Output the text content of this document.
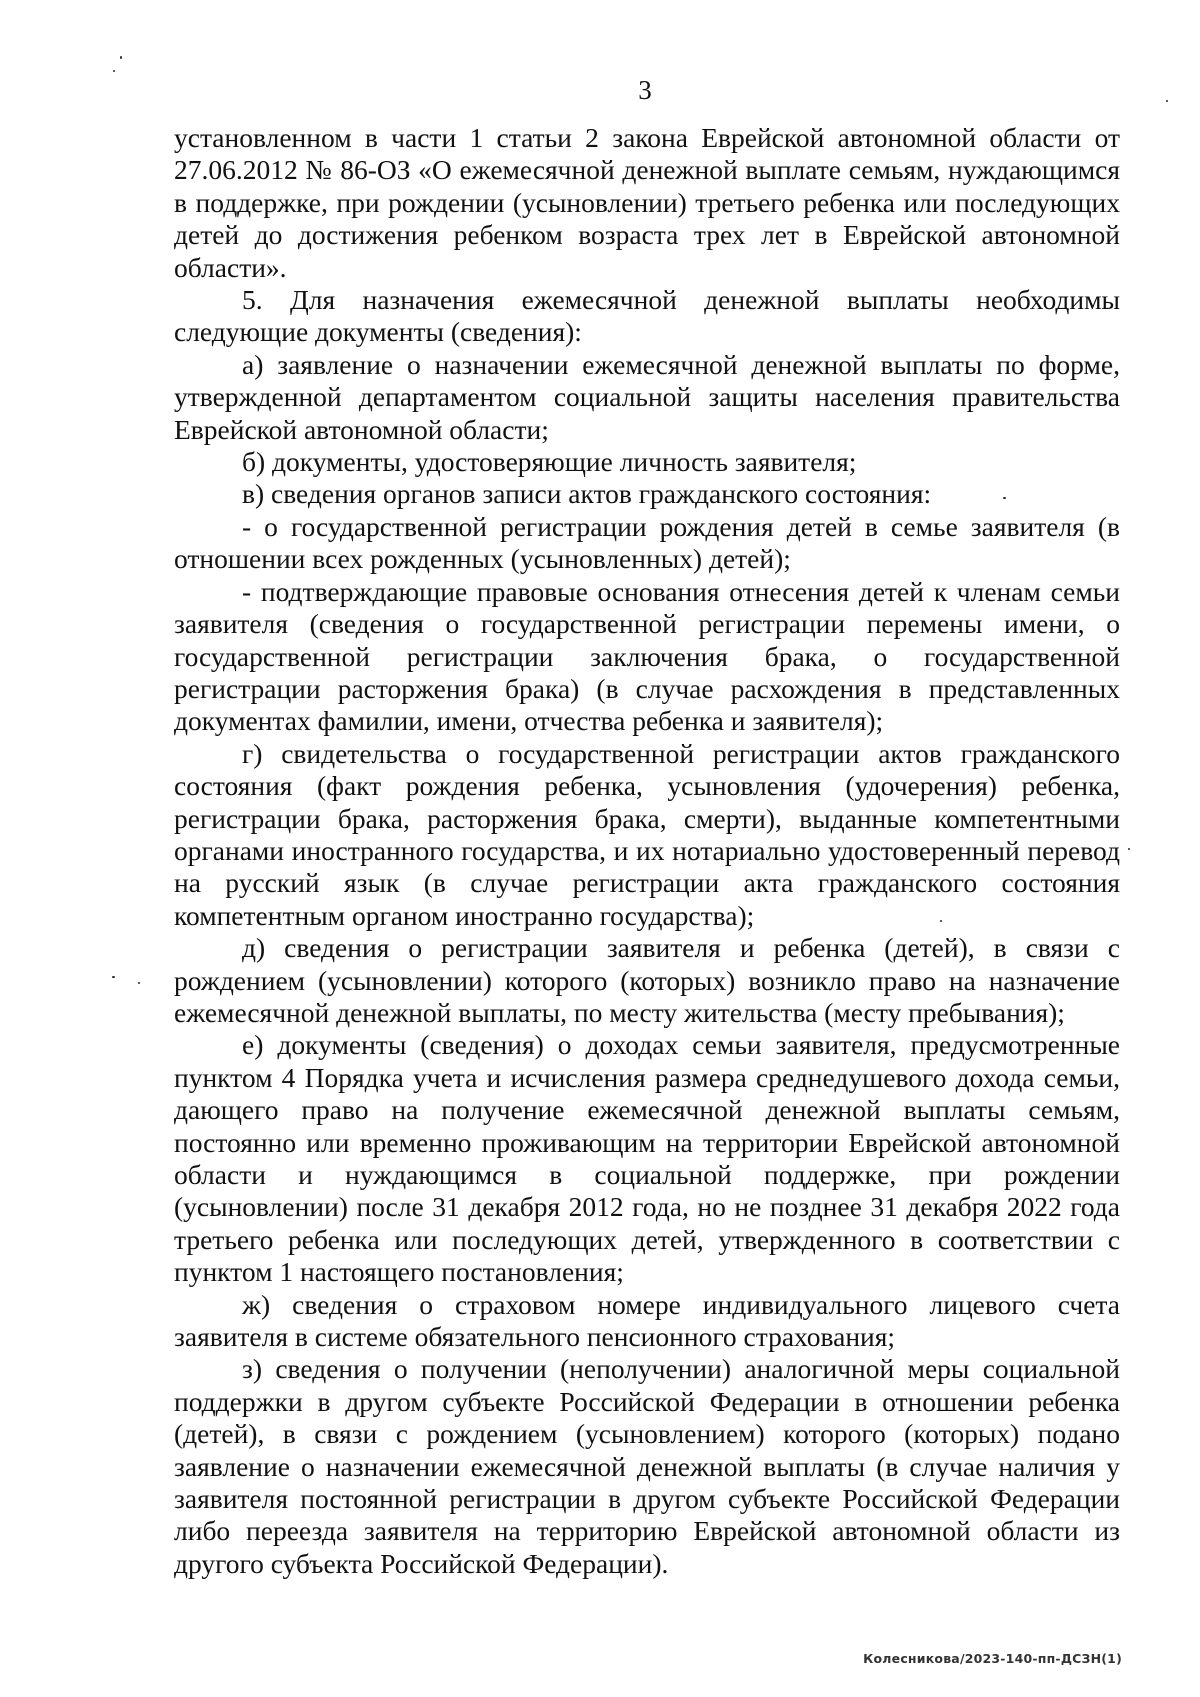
3

установленном в части 1 статьи 2 закона Еврейской автономной области от 27.06.2012 № 86-ОЗ «О ежемесячной денежной выплате семьям, нуждающимся в поддержке, при рождении (усыновлении) третьего ребенка или последующих детей до достижения ребенком возраста трех лет в Еврейской автономной области».

5. Для назначения ежемесячной денежной выплаты необходимы следующие документы (сведения):

а) заявление о назначении ежемесячной денежной выплаты по форме, утвержденной департаментом социальной защиты населения правительства Еврейской автономной области;

б) документы, удостоверяющие личность заявителя;

в) сведения органов записи актов гражданского состояния:

- о государственной регистрации рождения детей в семье заявителя (в отношении всех рожденных (усыновленных) детей);

- подтверждающие правовые основания отнесения детей к членам семьи заявителя (сведения о государственной регистрации перемены имени, о государственной регистрации заключения брака, о государственной регистрации расторжения брака) (в случае расхождения в представленных документах фамилии, имени, отчества ребенка и заявителя);

г) свидетельства о государственной регистрации актов гражданского состояния (факт рождения ребенка, усыновления (удочерения) ребенка, регистрации брака, расторжения брака, смерти), выданные компетентными органами иностранного государства, и их нотариально удостоверенный перевод на русский язык (в случае регистрации акта гражданского состояния компетентным органом иностранно государства);

д) сведения о регистрации заявителя и ребенка (детей), в связи с рождением (усыновлении) которого (которых) возникло право на назначение ежемесячной денежной выплаты, по месту жительства (месту пребывания);

е) документы (сведения) о доходах семьи заявителя, предусмотренные пунктом 4 Порядка учета и исчисления размера среднедушевого дохода семьи, дающего право на получение ежемесячной денежной выплаты семьям, постоянно или временно проживающим на территории Еврейской автономной области и нуждающимся в социальной поддержке, при рождении (усыновлении) после 31 декабря 2012 года, но не позднее 31 декабря 2022 года третьего ребенка или последующих детей, утвержденного в соответствии с пунктом 1 настоящего постановления;

ж) сведения о страховом номере индивидуального лицевого счета заявителя в системе обязательного пенсионного страхования;

з) сведения о получении (неполучении) аналогичной меры социальной поддержки в другом субъекте Российской Федерации в отношении ребенка (детей), в связи с рождением (усыновлением) которого (которых) подано заявление о назначении ежемесячной денежной выплаты (в случае наличия у заявителя постоянной регистрации в другом субъекте Российской Федерации либо переезда заявителя на территорию Еврейской автономной области из другого субъекта Российской Федерации).

Колесникова/2023-140-пп-ДСЗН(1)
